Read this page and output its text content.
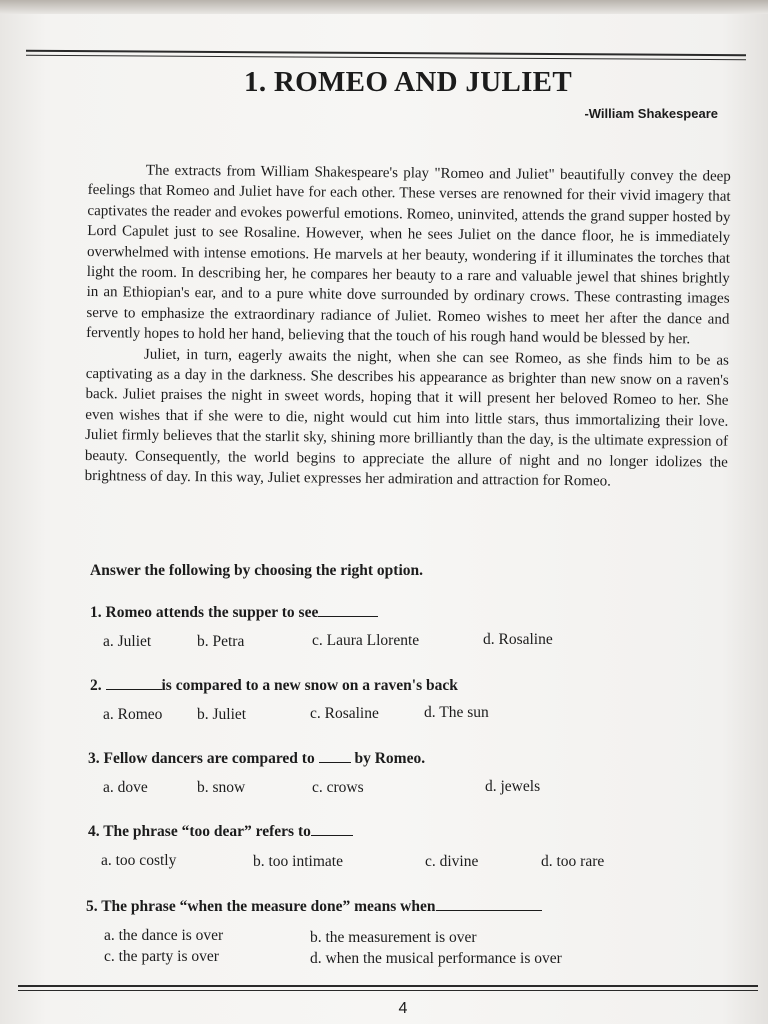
1. ROMEO AND JULIET
-William Shakespeare

The extracts from William Shakespeare's play "Romeo and Juliet" beautifully convey the deep feelings that Romeo and Juliet have for each other. These verses are renowned for their vivid imagery that captivates the reader and evokes powerful emotions. Romeo, uninvited, attends the grand supper hosted by Lord Capulet just to see Rosaline. However, when he sees Juliet on the dance floor, he is immediately overwhelmed with intense emotions. He marvels at her beauty, wondering if it illuminates the torches that light the room. In describing her, he compares her beauty to a rare and valuable jewel that shines brightly in an Ethiopian's ear, and to a pure white dove surrounded by ordinary crows. These contrasting images serve to emphasize the extraordinary radiance of Juliet. Romeo wishes to meet her after the dance and fervently hopes to hold her hand, believing that the touch of his rough hand would be blessed by her.

Juliet, in turn, eagerly awaits the night, when she can see Romeo, as she finds him to be as captivating as a day in the darkness. She describes his appearance as brighter than new snow on a raven's back. Juliet praises the night in sweet words, hoping that it will present her beloved Romeo to her. She even wishes that if she were to die, night would cut him into little stars, thus immortalizing their love. Juliet firmly believes that the starlit sky, shining more brilliantly than the day, is the ultimate expression of beauty. Consequently, the world begins to appreciate the allure of night and no longer idolizes the brightness of day. In this way, Juliet expresses her admiration and attraction for Romeo.

Answer the following by choosing the right option.
1. Romeo attends the supper to see
a. Juliet	b. Petra	c. Laura Llorente	d. Rosaline
2.	is compared to a new snow on a raven's back
a. Romeo b. Juliet	c. Rosaline	d. The sun
3. Fellow dancers are compared to	by Romeo.
a. dove	b. snow	c. crows	d. jewels
4. The phrase “too dear” refers to
a. too costly	b. too intimate	c. divine	d. too rare
5. The phrase “when the measure done” means when
a. the dance is over	b. the measurement is over
c. the party is over	d. when the musical performance is over
4
